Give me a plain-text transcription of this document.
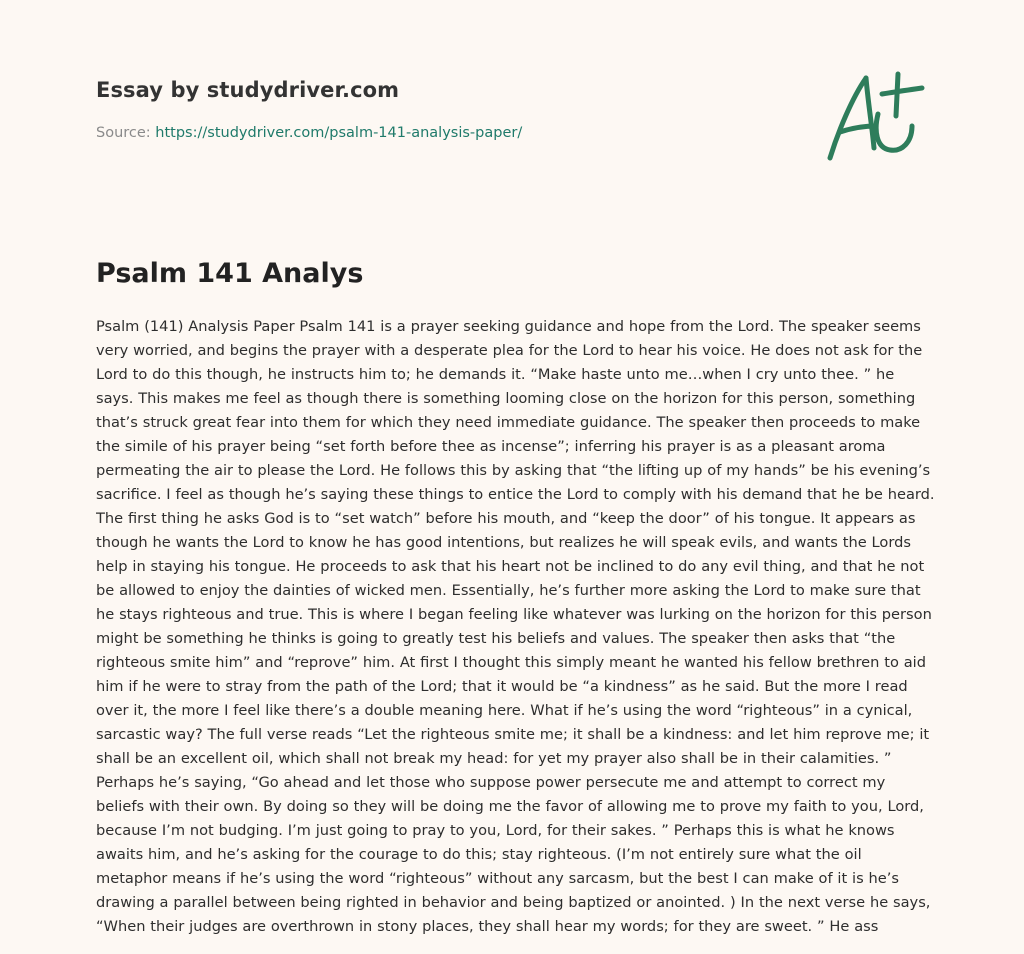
Essay by studydriver.com
Source: https://studydriver.com/psalm-141-analysis-paper/
Psalm 141 Analys

Psalm (141) Analysis Paper Psalm 141 is a prayer seeking guidance and hope from the Lord. The speaker seems very worried, and begins the prayer with a desperate plea for the Lord to hear his voice. He does not ask for the Lord to do this though, he instructs him to; he demands it. “Make haste unto me…when I cry unto thee. ” he says. This makes me feel as though there is something looming close on the horizon for this person, something that’s struck great fear into them for which they need immediate guidance. The speaker then proceeds to make the simile of his prayer being “set forth before thee as incense”; inferring his prayer is as a pleasant aroma permeating the air to please the Lord. He follows this by asking that “the lifting up of my hands” be his evening’s sacrifice. I feel as though he’s saying these things to entice the Lord to comply with his demand that he be heard. The first thing he asks God is to “set watch” before his mouth, and “keep the door” of his tongue. It appears as though he wants the Lord to know he has good intentions, but realizes he will speak evils, and wants the Lords help in staying his tongue. He proceeds to ask that his heart not be inclined to do any evil thing, and that he not be allowed to enjoy the dainties of wicked men. Essentially, he’s further more asking the Lord to make sure that he stays righteous and true. This is where I began feeling like whatever was lurking on the horizon for this person might be something he thinks is going to greatly test his beliefs and values. The speaker then asks that “the righteous smite him” and “reprove” him. At first I thought this simply meant he wanted his fellow brethren to aid him if he were to stray from the path of the Lord; that it would be “a kindness” as he said. But the more I read over it, the more I feel like there’s a double meaning here. What if he’s using the word “righteous” in a cynical, sarcastic way? The full verse reads “Let the righteous smite me; it shall be a kindness: and let him reprove me; it shall be an excellent oil, which shall not break my head: for yet my prayer also shall be in their calamities. ” Perhaps he’s saying, “Go ahead and let those who suppose power persecute me and attempt to correct my beliefs with their own. By doing so they will be doing me the favor of allowing me to prove my faith to you, Lord, because I’m not budging. I’m just going to pray to you, Lord, for their sakes. ” Perhaps this is what he knows awaits him, and he’s asking for the courage to do this; stay righteous. (I’m not entirely sure what the oil metaphor means if he’s using the word “righteous” without any sarcasm, but the best I can make of it is he’s drawing a parallel between being righted in behavior and being baptized or anointed. ) In the next verse he says, “When their judges are overthrown in stony places, they shall hear my words; for they are sweet. ” He ass
